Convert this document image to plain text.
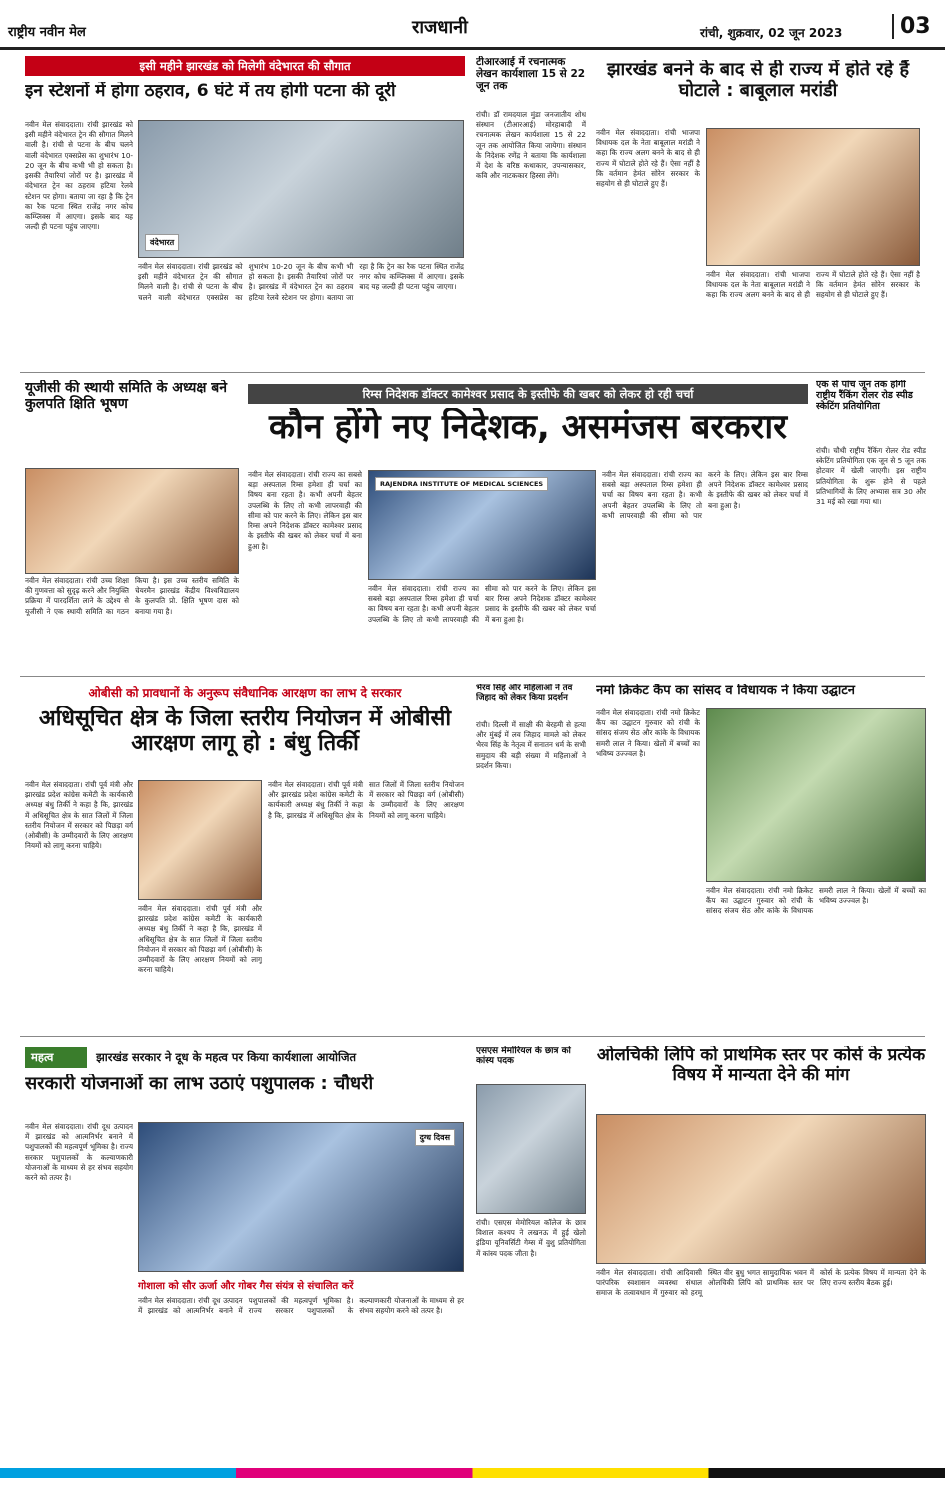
राष्ट्रीय नवीन मेल	राजधानी	रांची, शुक्रवार, 02 जून 2023	03
इसी महीने झारखंड को मिलेगी वंदेभारत की सौगात
इन स्टेशनों में होगा ठहराव, 6 घंटे में तय होगी पटना की दूरी
नवीन मेल संवाददाता। रांची झारखंड को इसी महीने वंदेभारत ट्रेन की सौगात मिलने वाली है। रांची से पटना के बीच चलने वाली वंदेभारत एक्सप्रेस का शुभारंभ 10-20 जून के बीच कभी भी हो सकता है। इसकी तैयारियां जोरों पर है। झारखंड में वंदेभारत ट्रेन का ठहराव हटिया रेलवे स्टेशन पर होगा। बताया जा रहा है कि ट्रेन का रैक पटना स्थित राजेंद्र नगर कोच कम्प्लिक्स में आएगा। इसके बाद यह जल्दी ही पटना पहुंच जाएगा।
वंदेभारत
नवीन मेल संवाददाता। रांची झारखंड को इसी महीने वंदेभारत ट्रेन की सौगात मिलने वाली है। रांची से पटना के बीच चलने वाली वंदेभारत एक्सप्रेस का शुभारंभ 10-20 जून के बीच कभी भी हो सकता है। इसकी तैयारियां जोरों पर है। झारखंड में वंदेभारत ट्रेन का ठहराव हटिया रेलवे स्टेशन पर होगा। बताया जा रहा है कि ट्रेन का रैक पटना स्थित राजेंद्र नगर कोच कम्प्लिक्स में आएगा। इसके बाद यह जल्दी ही पटना पहुंच जाएगा।
टीआरआई में रचनात्मक लेखन कार्यशाला 15 से 22 जून तक
रांची। डॉ रामदयाल मुंडा जनजातीय शोध संस्थान (टीआरआई) मोरहाबादी में रचनात्मक लेखन कार्यशाला 15 से 22 जून तक आयोजित किया जायेगा। संस्थान के निदेशक रणेंद्र ने बताया कि कार्यशाला में देश के वरिष्ठ कथाकार, उपन्यासकार, कवि और नाटककार हिस्सा लेंगे।
झारखंड बनने के बाद से ही राज्य में होते रहे हैं घोटाले : बाबूलाल मरांडी
नवीन मेल संवाददाता। रांची भाजपा विधायक दल के नेता बाबूलाल मरांडी ने कहा कि राज्य अलग बनने के बाद से ही राज्य में घोटाले होते रहे हैं। ऐसा नहीं है कि वर्तमान हेमंत सोरेन सरकार के सहयोग से ही घोटाले हुए हैं।
नवीन मेल संवाददाता। रांची भाजपा विधायक दल के नेता बाबूलाल मरांडी ने कहा कि राज्य अलग बनने के बाद से ही राज्य में घोटाले होते रहे हैं। ऐसा नहीं है कि वर्तमान हेमंत सोरेन सरकार के सहयोग से ही घोटाले हुए हैं।
यूजीसी की स्थायी समिति के अध्यक्ष बने कुलपति क्षिति भूषण
नवीन मेल संवाददाता। रांची उच्च शिक्षा की गुणवत्ता को सुदृढ़ करने और नियुक्ति प्रक्रिया में पारदर्शिता लाने के उद्देश्य से यूजीसी ने एक स्थायी समिति का गठन किया है। इस उच्च स्तरीय समिति के चेयरमैन झारखंड केंद्रीय विश्वविद्यालय के कुलपति प्रो. क्षिति भूषण दास को बनाया गया है।
रिम्स निदेशक डॉक्टर कामेश्वर प्रसाद के इस्तीफे की खबर को लेकर हो रही चर्चा
कौन होंगे नए निदेशक, असमंजस बरकरार
नवीन मेल संवाददाता। रांची राज्य का सबसे बड़ा अस्पताल रिम्स हमेशा ही चर्चा का विषय बना रहता है। कभी अपनी बेहतर उपलब्धि के लिए तो कभी लापरवाही की सीमा को पार करने के लिए। लेकिन इस बार रिम्स अपने निदेशक डॉक्टर कामेश्वर प्रसाद के इस्तीफे की खबर को लेकर चर्चा में बना हुआ है।
RAJENDRA INSTITUTE OF MEDICAL SCIENCES
नवीन मेल संवाददाता। रांची राज्य का सबसे बड़ा अस्पताल रिम्स हमेशा ही चर्चा का विषय बना रहता है। कभी अपनी बेहतर उपलब्धि के लिए तो कभी लापरवाही की सीमा को पार करने के लिए। लेकिन इस बार रिम्स अपने निदेशक डॉक्टर कामेश्वर प्रसाद के इस्तीफे की खबर को लेकर चर्चा में बना हुआ है।
नवीन मेल संवाददाता। रांची राज्य का सबसे बड़ा अस्पताल रिम्स हमेशा ही चर्चा का विषय बना रहता है। कभी अपनी बेहतर उपलब्धि के लिए तो कभी लापरवाही की सीमा को पार करने के लिए। लेकिन इस बार रिम्स अपने निदेशक डॉक्टर कामेश्वर प्रसाद के इस्तीफे की खबर को लेकर चर्चा में बना हुआ है।
एक से पांच जून तक होगी राष्ट्रीय रैंकिंग रोलर रोड स्पीड स्केटिंग प्रतियोगिता
रांची। चौथी राष्ट्रीय रैंकिंग रोलर रोड स्पीड स्केटिंग प्रतियोगिता एक जून से 5 जून तक होटवार में खेली जाएगी। इस राष्ट्रीय प्रतियोगिता के शुरू होने से पहले प्रतिभागियों के लिए अभ्यास सत्र 30 और 31 मई को रखा गया था।
ओबीसी को प्रावधानों के अनुरूप संवैधानिक आरक्षण का लाभ दे सरकार
अधिसूचित क्षेत्र के जिला स्तरीय नियोजन में ओबीसी आरक्षण लागू हो : बंधु तिर्की
नवीन मेल संवाददाता। रांची पूर्व मंत्री और झारखंड प्रदेश कांग्रेस कमेटी के कार्यकारी अध्यक्ष बंधु तिर्की ने कहा है कि, झारखंड में अधिसूचित क्षेत्र के सात जिलों में जिला स्तरीय नियोजन में सरकार को पिछड़ा वर्ग (ओबीसी) के उम्मीदवारों के लिए आरक्षण नियमों को लागू करना चाहिये।
नवीन मेल संवाददाता। रांची पूर्व मंत्री और झारखंड प्रदेश कांग्रेस कमेटी के कार्यकारी अध्यक्ष बंधु तिर्की ने कहा है कि, झारखंड में अधिसूचित क्षेत्र के सात जिलों में जिला स्तरीय नियोजन में सरकार को पिछड़ा वर्ग (ओबीसी) के उम्मीदवारों के लिए आरक्षण नियमों को लागू करना चाहिये।
नवीन मेल संवाददाता। रांची पूर्व मंत्री और झारखंड प्रदेश कांग्रेस कमेटी के कार्यकारी अध्यक्ष बंधु तिर्की ने कहा है कि, झारखंड में अधिसूचित क्षेत्र के सात जिलों में जिला स्तरीय नियोजन में सरकार को पिछड़ा वर्ग (ओबीसी) के उम्मीदवारों के लिए आरक्षण नियमों को लागू करना चाहिये।
भैरव सिंह और महिलाओं ने तव जिहाद को लेकर किया प्रदर्शन
रांची। दिल्ली में साक्षी की बेरहमी से हत्या और मुंबई में लव जिहाद मामले को लेकर भैरव सिंह के नेतृत्व में सनातन धर्म के सभी समुदाय की बड़ी संख्या में महिलाओं ने प्रदर्शन किया।
नमो क्रिकेट कैंप का सांसद व विधायक ने किया उद्घाटन
नवीन मेल संवाददाता। रांची नमो क्रिकेट कैंप का उद्घाटन गुरुवार को रांची के सांसद संजय सेठ और कांके के विधायक समरी लाल ने किया। खेलों में बच्चों का भविष्य उज्ज्वल है।
नवीन मेल संवाददाता। रांची नमो क्रिकेट कैंप का उद्घाटन गुरुवार को रांची के सांसद संजय सेठ और कांके के विधायक समरी लाल ने किया। खेलों में बच्चों का भविष्य उज्ज्वल है।
महत्व	झारखंड सरकार ने दूध के महत्व पर किया कार्यशाला आयोजित
सरकारी योजनाओं का लाभ उठाएं पशुपालक : चौधरी
नवीन मेल संवाददाता। रांची दूध उत्पादन में झारखंड को आत्मनिर्भर बनाने में पशुपालकों की महत्वपूर्ण भूमिका है। राज्य सरकार पशुपालकों के कल्याणकारी योजनाओं के माध्यम से हर संभव सहयोग करने को तत्पर है।
दुग्ध दिवस
गोशाला को सौर ऊर्जा और गोबर गैस संयंत्र से संचालित करें
नवीन मेल संवाददाता। रांची दूध उत्पादन में झारखंड को आत्मनिर्भर बनाने में पशुपालकों की महत्वपूर्ण भूमिका है। राज्य सरकार पशुपालकों के कल्याणकारी योजनाओं के माध्यम से हर संभव सहयोग करने को तत्पर है।
एसएस मेमोरियल के छात्र को कांस्य पदक
रांची। एसएस मेमोरियल कॉलेज के छात्र विशाल कश्यप ने लखनऊ में हुई खेलो इंडिया यूनिवर्सिटी गेम्स में वुशु प्रतियोगिता में कांस्य पदक जीता है।
ओलचिकी लिपि को प्राथमिक स्तर पर कोर्स के प्रत्येक विषय में मान्यता देने की मांग
नवीन मेल संवाददाता। रांची आदिवासी पारंपरिक स्वशासन व्यवस्था संथाल समाज के तत्वावधान में गुरुवार को हरमू स्थित वीर बुधु भगत सामुदायिक भवन में ओलचिकी लिपि को प्राथमिक स्तर पर कोर्स के प्रत्येक विषय में मान्यता देने के लिए राज्य स्तरीय बैठक हुई।
